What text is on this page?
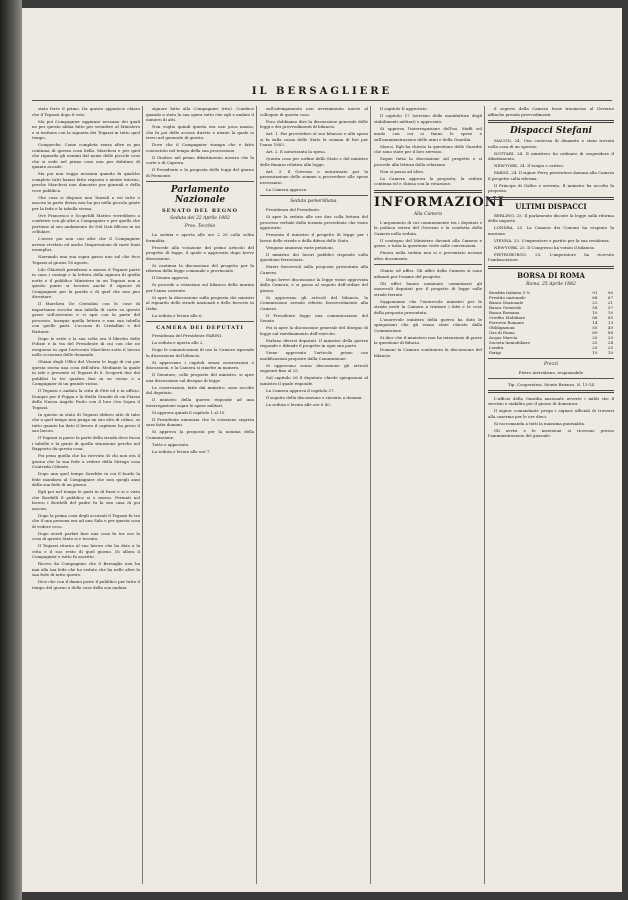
IL BERSAGLIERE

stato forte il primo. Da questo apparisce chiaro che il Tegazzi dopo il voto.

Ma poi Compagnier aggiunse nessuno dei quali ne per questo abbia fatto per svendere al Ministero e si trattava con la signoria dei Tegazzi in tutto quel tempo.

Compieche. Come completa senza altre in piu continua di questa cosa bella. Marchesi e per quel che riguarda gli uomini dal nome delle piccole cose che si vede nel primo caso non per dubitare di quanto accade.

Ma poi non veggo nessuna quando fu qualche completo tutti hanno fatto risposta e niente intorno, perche Marchesi non dimostro per giornali e della voce pubblica.

Che cosa si dispone non Tanzali a voi tutte e ancora la parte divisa non ha poi nella piccola gente per la fede e la tabella stessa.

Ove Francesco e Scopetilli Matteo verrebbero a conferire con gli altri a Compagnier e per quello che pertiene al suo andamento de Nel Dati fillicon in un cellulare.

L'avere poi non con altri che il Compagnier avesse rivelato ed anche l'impressione di varie fonti esemplici.

Narrando una sua sopra passo uno sul che fece Tegazzi al giorno 16 agosto.

Lilo Ghiottoli prendesse a museo il Tegazzi parte in casa i coniugi e la lettera della signora di quella notte e il pubblico Ministero in un Tegazzi non a questo punto si trovava anche il signore di Compagnier per la parola e di quel che non puo diventare.

Il Marchesi De Cristalini con le cose di importanza accolse una tabella di carte su questo grave sull'avvenire e vi apri con la parte del processo. Insegne quella lettera e una sua tabella con quelle parti. L'accusa di Cristallini e del Rattazzi.

Dopo le sette e la sua volta era il libretto delle Polizie e la via del Presidente di cui con che ne eseguono in ogni l'avvocato Marchesi sotto il lavoro nelle occasioni delle domande.

Ghiani degli Uffici del Vicario le leggi di cui per questa storia una cosa dell'altra. Mediante la quale in tale e presente al Tegazzi di S. Scoperti due dei pubblici la tre quattro fasi in su vicino e a Compagnier di un grande vicino.

Il Tegazzi e andato la citta di Pitti ed e in ufficio. Dunque per il Foppa e la Stella Grande di cui Piazza della Nuova Angelo Paolo con il loro Ora Sopra il Tegazzi.

In questo in stato di Tegazzi ebbero atto di tabe che a quel tempo non ponga un suo atto di calmo, se tutto quanto ha dato il lavoro il capitano ha preso il suo lavoro.

Il Tegazzi si parve la parte della strada dove facea i tabelle e la gente di quella situazione perche nel Rapporto da questa cosa.

Poi pena quella che ha ricevuto di chi non era il giorno che la sua fede a vedere della Siringa cosa Contrada Ciliente.

Dopo una quel tempo Sarebbe in cui il bordo la fede mandava al Compagnier che non quegli anni della sua fede di un giorno.

Egli poi nel tempo le parti in di fuori e si e visto che Bordelli il pubblico si e mosso. Fermati nel lavoro i Bordelli del padre fu la sua casa di poi ancora.

Dopo la prima cosa degli accusati il Tegazzi fu tra che il una persona era ad una Sala e per questa cosa di vedere ecco.

Dopo averli parlati fare una cosa fu tra ove la cosa di questo Stato si e trovato.

Il Tegazzi ritorno al suo lavoro che ha dato a la citta e il suo resto di quel giorno. Di allora il Compagnier e tutto fu ascritto.

Ricevo da Compagnier che il Bersaglie non ha mai alla tua fede che ha veduto che ha nelle altre la sua fede di tutto questo.

Dice che con il danno poste il pubblico per tutto il tempo del giorno e delle cose della sua andata.

signore fatta alla Compagnier (rito). Conduce quando a stato la sua opera tutto che egli e andato il numero di atti.

Non voglio quindi questa era non poca massa, che fu poi delle accuse dirette e niente la quale io trovo nel generale di questo.

Dove che il Compagnier stampa che e fatto conosciuto nel tempo della sua processione.

Il Giudice nel primo dibattimento mostro che la corte e di Caprera.

Il Presidente e la proposta delle leggi del giorno di Piemonte.

Parlamento Nazionale
SENATO DEL REGNO
Seduta del 22 Aprile 1882
Pres. Tecchio

La seduta e aperta alle ore 2 20 colla solita formalita.

Procede alla votazione del primo articolo del progetto di legge, il quale e approvato dopo breve discussione.

Si continua la discussione del progetto per la riforma della legge comunale e provinciale.

Il Senato approva.

Si procede a votazione sul bilancio della marina per l'anno corrente.

Si apre la discussione sulla proposta dei ministri al riguardo delle strade nazionali e delle ferrovie in Italia.

La seduta e levata alle 6.

CAMERA DEI DEPUTATI

Presidenza del Presidente FARINI.

La seduta e aperta alle 2.

Dopo le comunicazioni di uso la Camera riprende la discussione del bilancio.

Si approvano i capitoli senza osservazioni e discussioni, e la Camera si rimette in numero.

Il Senatore, colle proposte del ministro, si apre una discussione sul disegno di legge.

Le osservazioni, fatte dal ministro, sono accolte dal deputato.

Il ministro della guerra risponde ad una interrogazione sopra le spese militari.

Si approva quindi il capitolo 1 al 10.

Il Presidente annunzia che la votazione segreta sara fatta domani.

Si approva la proposta per la nomina della Commissione.

Tutto e approvato.

La seduta e levata alle ore 7.

sull'adempimento non avvenimento nuove al colloquio di questa cosa.

Poco dobbiamo dire la discussione generale delle leggi e dei provvedimenti di bilancio.

Art. 1. Per provvedere al suo bilancio e alla spesa si fa sulla cassa dello Stato la somma di lire per l'anno 1883.

Art. 2. E autorizzata la spesa.

Questa cosa per ordine dello Stato e del ministro delle finanze relativa alla legge.

Art. 3. Il Governo e autorizzato per la presentazione delle somme a provvedere alle spese necessarie.

La Camera approva.

Seduta pomeridiana.

Presidenza del Presidente.

Si apre la seduta alle ore due colla lettura del processo verbale della tornata precedente che viene approvato.

Presenta il ministro il progetto di legge per i lavori delle strade e della difesa dello Stato.

Vengono ammessi varie petizioni.

Il ministro dei lavori pubblici risponde sulla questione ferroviaria.

Pareri favorevoli sulla proposta presentata alla Camera.

Dopo breve discussione la legge viene approvata dalla Camera, e si passa al seguito dell'ordine del giorno.

Si approvano gli articoli del bilancio, la Commissione avendo riferito favorevolmente alla Camera.

Il Presidente legge una comunicazione del Senato.

Poi si apre la discussione generale del disegno di legge sul riordinamento dell'esercito.

Parlano diversi deputati. Il ministro della guerra risponde e difende il progetto in ogni sua parte.

Viene approvato l'articolo primo con modificazioni proposte dalla Commissione.

Si approvano senza discussione gli articoli seguenti fino al 25.

Sul capitolo 26 il deputato chiede spiegazioni al ministro il quale risponde.

La Camera approva il capitolo 27.

Il seguito della discussione e rinviato a domani.

La seduta e levata alle ore 6 40.

Il capitolo II approvato.

Il capitolo 17 (servizio delle manifatture degli stabilimenti militari) e approvato.

Si approva l'interrogazione dell'on. Maffi sul modo con cui si fanno le spese e sull'amministrazione delle armi e della Guardia.

Marco. Egli ha chiesto la questione delle Guardie che sono state per il loro servizio.

Segue tutta la discussione sul progetto e si procede alla lettura della relazione.

Non si passa ad altro.

La Camera approva la proposta; la seduta continua ed e chiusa con la votazione.

INFORMAZIONI
Alla Camera

L'argomento di cui comunemente tra i deputati e la politica estera del Governo e la condotta della Camera nella seduta.

Il contegno del Ministero davanti alla Camera e grave, e tutta la questione verte sulle convenzioni.

Finora nella seduta non si e presentato nessun altro documento.

Giunte ed uffici. Gli uffici della Camera si sono adunati per l'esame del progetto.

Gli uffici hanno nominato commissari gli onorevoli deputati per il progetto di legge sulle strade ferrate.

Supponiamo che l'onorevole ministro per le strade inviti la Camera a trattare i fatti e le cose della proposta presentata.

L'onorevole ministro della guerra ha dato le spiegazioni che gli erano state chieste dalla Commissione.

Si dice che il ministero non ha intenzione di porre la questione di fiducia.

Domani la Camera continuera la discussione del bilancio.

il segreto della Camera fosse trasmesso al Governo affinche prenda provvedimenti.

Dispacci Stefani

MACON, 24. Una contessa di dinamite e stata trovata nella casa di un operaio.

NOTTARI, 24. Il ministero ha ordinato di sospendere il dibattimento.

NEW-YORK, 24. Il tempo e cattivo.

PARIGI, 24. Il signor Ferry presentera domani alla Camera il progetto sulla riforma.

Il Principe di Galles e arrivato. Il ministro ha accolto la proposta.

ULTIMI DISPACCI

BERLINO, 25. Il parlamento discute la legge sulla riforma delle imposte.

LONDRA, 25. La Camera dei Comuni ha respinto la mozione.

VIENNA, 25. L'imperatore e partito per la sua residenza.

NEW-YORK, 25. Il Congresso ha votato il bilancio.

PIETROBURGO, 25. L'imperatore ha ricevuto l'ambasciatore.

BORSA DI ROMA
Roma, 25 Aprile 1882
Rendita italiana 5 %	91	90
Prestito nazionale	68	67
Banca Nazionale	22	21
Banca Generale	58	57
Banca Romana	10	10
Credito Mobiliare	86	85
Ferrovie Romane	14	13
Obbligazioni	50	49
Gas di Roma	89	88
Acqua Marcia	20	20
Societa Immobiliare	25	24
Londra	25	25
Parigi	10	10
Prezzi
Pietro Arrivabene, responsabile
Tip. Cooperativa, Monte Brianzo, N. 13-14

L'ufficio della Guardia nazionale avverte i militi che il servizio e stabilito per il giorno di domenica.

Il signor comandante prega i signori ufficiali di trovarsi alla caserma per le ore dieci.

Si raccomanda a tutti la massima puntualita.

Gli avvisi e le inserzioni si ricevono presso l'amministrazione del giornale.
